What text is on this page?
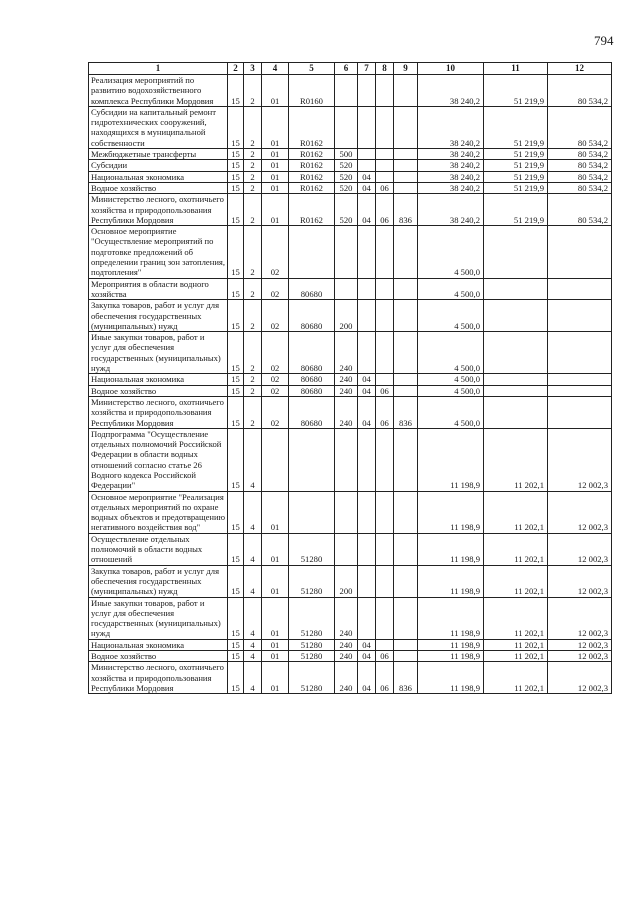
794
1	2	3	4	5	6	7	8	9	10	11	12
Реализация мероприятий по развитию водохозяйственного комплекса Республики Мордовия	15	2	01	R0160					38 240,2	51 219,9	80 534,2
Субсидии на капитальный ремонт гидротехнических сооружений, находящихся в муниципальной собственности	15	2	01	R0162					38 240,2	51 219,9	80 534,2
Межбюджетные трансферты	15	2	01	R0162	500				38 240,2	51 219,9	80 534,2
Субсидии	15	2	01	R0162	520				38 240,2	51 219,9	80 534,2
Национальная экономика	15	2	01	R0162	520	04			38 240,2	51 219,9	80 534,2
Водное хозяйство	15	2	01	R0162	520	04	06		38 240,2	51 219,9	80 534,2
Министерство лесного, охотничьего хозяйства и природопользования Республики Мордовия	15	2	01	R0162	520	04	06	836	38 240,2	51 219,9	80 534,2
Основное мероприятие "Осуществление мероприятий по подготовке предложений об определении границ зон затопления, подтопления"	15	2	02						4 500,0		
Мероприятия в области водного хозяйства	15	2	02	80680					4 500,0		
Закупка товаров, работ и услуг для обеспечения государственных (муниципальных) нужд	15	2	02	80680	200				4 500,0		
Иные закупки товаров, работ и услуг для обеспечения государственных (муниципальных) нужд	15	2	02	80680	240				4 500,0		
Национальная экономика	15	2	02	80680	240	04			4 500,0		
Водное хозяйство	15	2	02	80680	240	04	06		4 500,0		
Министерство лесного, охотничьего хозяйства и природопользования Республики Мордовия	15	2	02	80680	240	04	06	836	4 500,0		
Подпрограмма "Осуществление отдельных полномочий Российской Федерации в области водных отношений согласно статье 26 Водного кодекса Российской Федерации"	15	4							11 198,9	11 202,1	12 002,3
Основное мероприятие "Реализация отдельных мероприятий по охране водных объектов и предотвращению негативного воздействия вод"	15	4	01						11 198,9	11 202,1	12 002,3
Осуществление отдельных полномочий в области водных отношений	15	4	01	51280					11 198,9	11 202,1	12 002,3
Закупка товаров, работ и услуг для обеспечения государственных (муниципальных) нужд	15	4	01	51280	200				11 198,9	11 202,1	12 002,3
Иные закупки товаров, работ и услуг для обеспечения государственных (муниципальных) нужд	15	4	01	51280	240				11 198,9	11 202,1	12 002,3
Национальная экономика	15	4	01	51280	240	04			11 198,9	11 202,1	12 002,3
Водное хозяйство	15	4	01	51280	240	04	06		11 198,9	11 202,1	12 002,3
Министерство лесного, охотничьего хозяйства и природопользования Республики Мордовия	15	4	01	51280	240	04	06	836	11 198,9	11 202,1	12 002,3
